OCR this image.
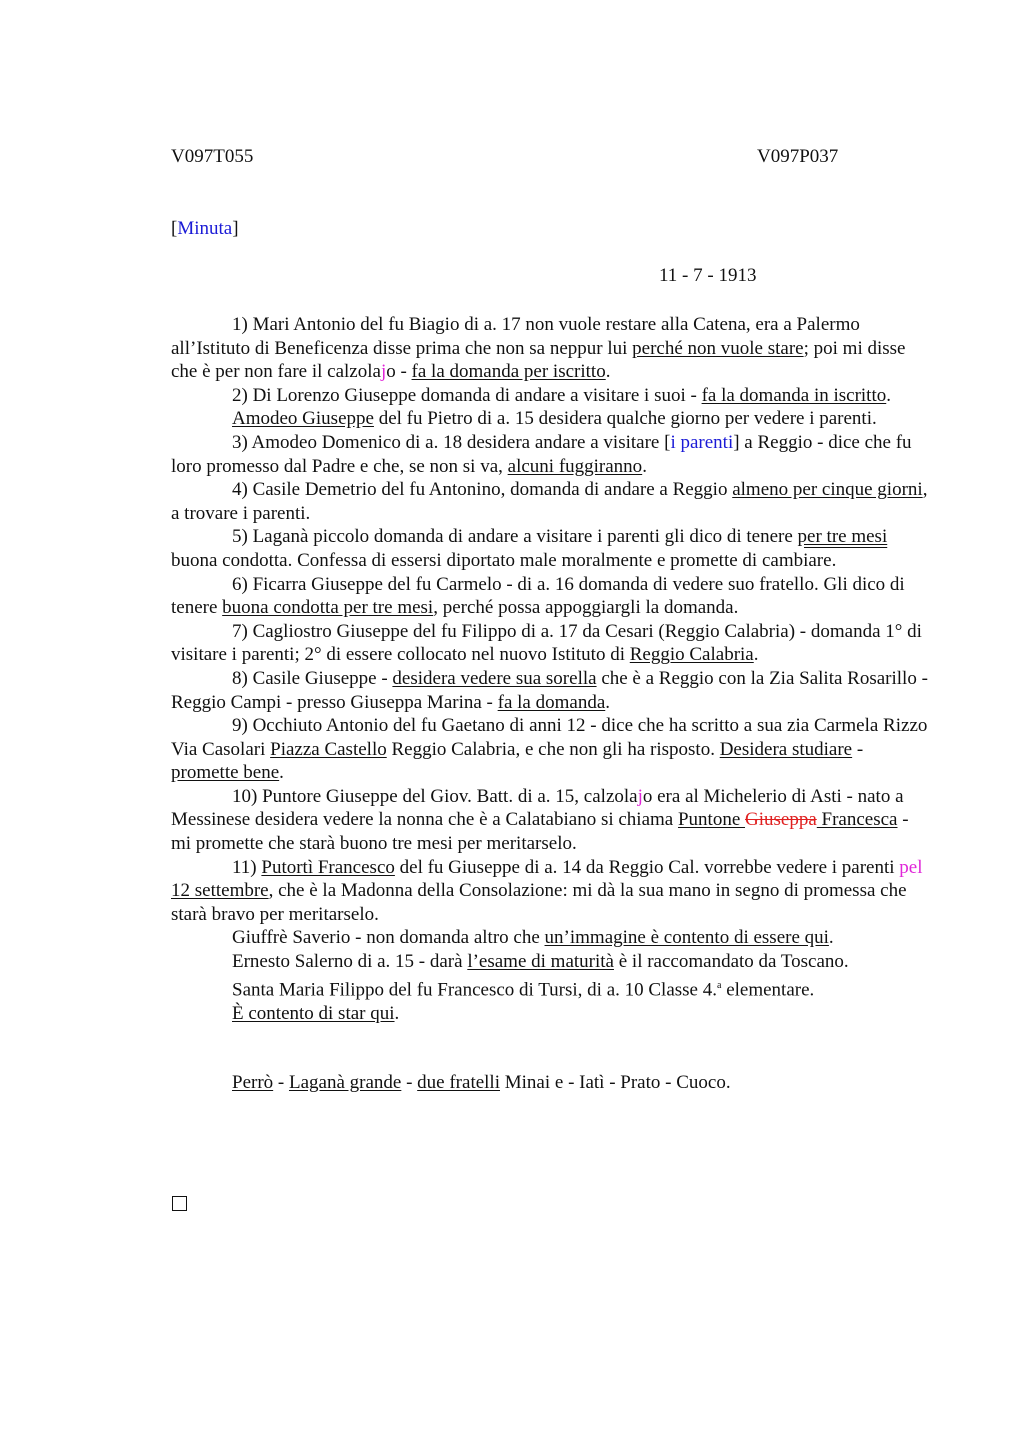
V097T055	V097P037
[Minuta]
11 - 7 - 1913

1) Mari Antonio del fu Biagio di a. 17 non vuole restare alla Catena, era a Palermo all’Istituto di Beneficenza disse prima che non sa neppur lui perché non vuole stare; poi mi disse che è per non fare il calzolajo - fa la domanda per iscritto.

2) Di Lorenzo Giuseppe domanda di andare a visitare i suoi - fa la domanda in iscritto.

Amodeo Giuseppe del fu Pietro di a. 15 desidera qualche giorno per vedere i parenti.

3) Amodeo Domenico di a. 18 desidera andare a visitare [i parenti] a Reggio - dice che fu loro promesso dal Padre e che, se non si va, alcuni fuggiranno.

4) Casile Demetrio del fu Antonino, domanda di andare a Reggio almeno per cinque giorni, a trovare i parenti.

5) Laganà piccolo domanda di andare a visitare i parenti gli dico di tenere per tre mesi buona condotta. Confessa di essersi diportato male moralmente e promette di cambiare.

6) Ficarra Giuseppe del fu Carmelo - di a. 16 domanda di vedere suo fratello. Gli dico di tenere buona condotta per tre mesi, perché possa appoggiargli la domanda.

7) Cagliostro Giuseppe del fu Filippo di a. 17 da Cesari (Reggio Calabria) - domanda 1° di visitare i parenti; 2° di essere collocato nel nuovo Istituto di Reggio Calabria.

8) Casile Giuseppe - desidera vedere sua sorella che è a Reggio con la Zia Salita Rosarillo - Reggio Campi - presso Giuseppa Marina - fa la domanda.

9) Occhiuto Antonio del fu Gaetano di anni 12 - dice che ha scritto a sua zia Carmela Rizzo Via Casolari Piazza Castello Reggio Calabria, e che non gli ha risposto. Desidera studiare - promette bene.

10) Puntore Giuseppe del Giov. Batt. di a. 15, calzolajo era al Michelerio di Asti - nato a Messinese desidera vedere la nonna che è a Calatabiano si chiama Puntone Giuseppa Francesca - mi promette che starà buono tre mesi per meritarselo.

11) Putortì Francesco del fu Giuseppe di a. 14 da Reggio Cal. vorrebbe vedere i parenti pel 12 settembre, che è la Madonna della Consolazione: mi dà la sua mano in segno di promessa che starà bravo per meritarselo.

Giuffrè Saverio - non domanda altro che un’immagine è contento di essere qui.

Ernesto Salerno di a. 15 - darà l’esame di maturità è il raccomandato da Toscano.

Santa Maria Filippo del fu Francesco di Tursi, di a. 10 Classe 4.$^a$ elementare.

È contento di star qui.

Perrò - Laganà grande - due fratelli Minai e - Iatì - Prato - Cuoco.
